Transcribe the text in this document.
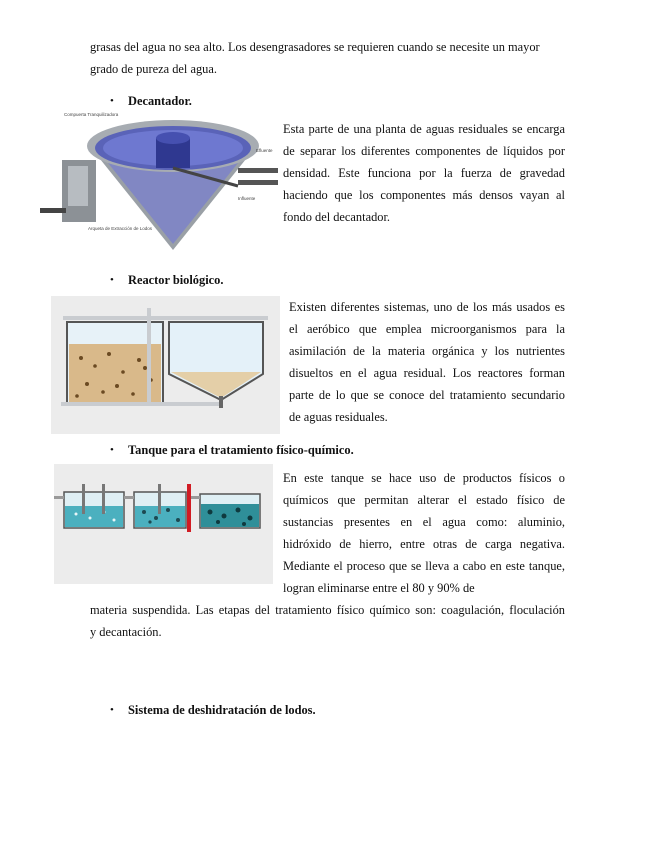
grasas del agua no sea alto. Los desengrasadores se requieren cuando se necesite un mayor
grado de pureza del agua.
• Decantador.
Compuerta Tranquilizadora
Efluente
Influente
Arqueta de Extracción de Lodos

Esta parte de una planta de aguas residuales se encarga

de separar los diferentes componentes de líquidos por

densidad. Este funciona por la fuerza de gravedad

haciendo que los componentes más densos vayan al

fondo del decantador.

• Reactor biológico.

Existen diferentes sistemas, uno de los más usados es

el aeróbico que emplea microorganismos para la

asimilación de la materia orgánica y los nutrientes

disueltos en el agua residual. Los reactores forman

parte de lo que se conoce del tratamiento secundario

de aguas residuales.

• Tanque para el tratamiento físico-químico.

En este tanque se hace uso de productos físicos o

químicos que permitan alterar el estado físico de

sustancias presentes en el agua como: aluminio,

hidróxido de hierro, entre otras de carga negativa.

Mediante el proceso que se lleva a cabo en este tanque,

logran eliminarse entre el 80 y 90% de

materia suspendida. Las etapas del tratamiento físico químico son: coagulación, floculación

y decantación.

• Sistema de deshidratación de lodos.
